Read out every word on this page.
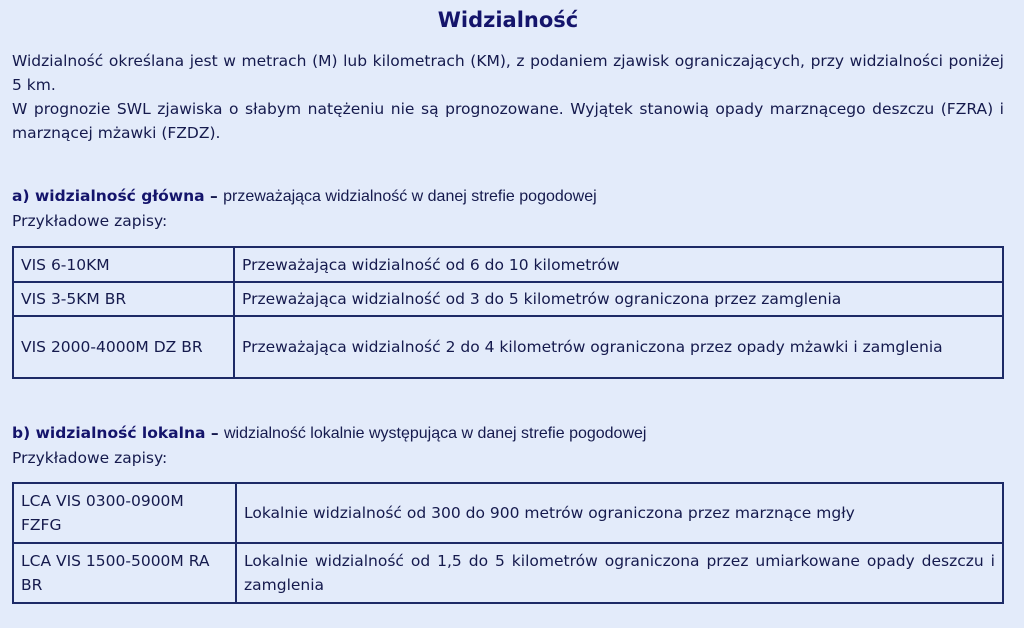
Widzialność

Widzialność określana jest w metrach (M) lub kilometrach (KM), z podaniem zjawisk ograniczających, przy widzialności poniżej 5 km.

W prognozie SWL zjawiska o słabym natężeniu nie są prognozowane. Wyjątek stanowią opady marznącego deszczu (FZRA) i marznącej mżawki (FZDZ).

a) widzialność główna – przeważająca widzialność w danej strefie pogodowej
Przykładowe zapisy:
VIS 6-10KM	Przeważająca widzialność od 6 do 10 kilometrów
VIS 3-5KM BR	Przeważająca widzialność od 3 do 5 kilometrów ograniczona przez zamglenia
VIS 2000-4000M DZ BR	Przeważająca widzialność 2 do 4 kilometrów ograniczona przez opady mżawki i zamglenia
b) widzialność lokalna – widzialność lokalnie występująca w danej strefie pogodowej
Przykładowe zapisy:
LCA VIS 0300-0900M FZFG	Lokalnie widzialność od 300 do 900 metrów ograniczona przez marznące mgły
LCA VIS 1500-5000M RA BR	Lokalnie widzialność od 1,5 do 5 kilometrów ograniczona przez umiarkowane opady deszczu i zamglenia
